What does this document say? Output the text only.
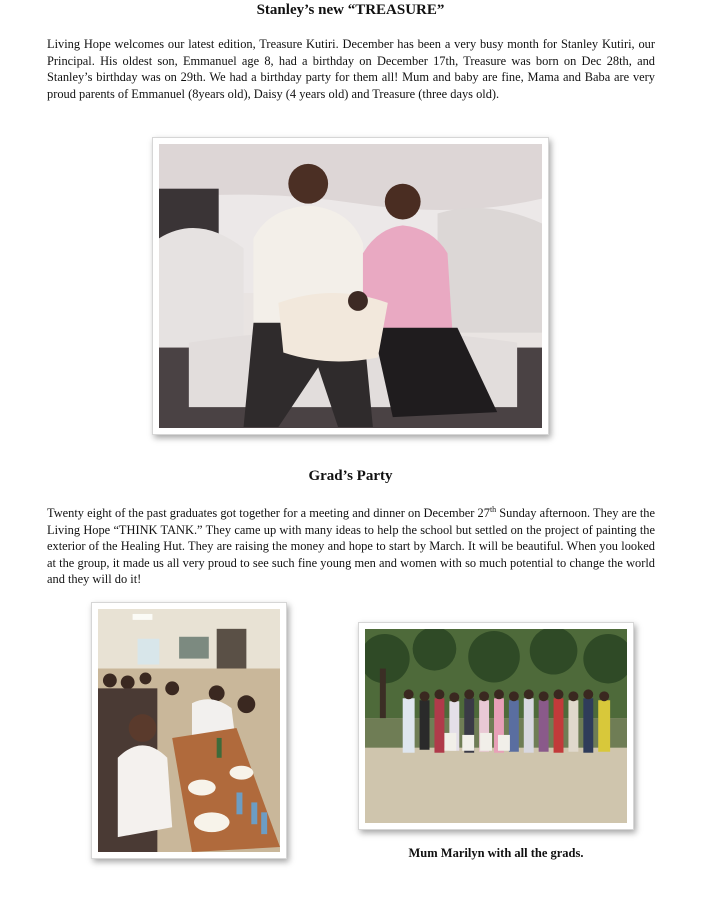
Stanley’s new “TREASURE”

Living Hope welcomes our latest edition, Treasure Kutiri. December has been a very busy month for Stanley Kutiri, our Principal. His oldest son, Emmanuel age 8, had a birthday on December 17th, Treasure was born on Dec 28th, and Stanley’s birthday was on 29th. We had a birthday party for them all! Mum and baby are fine, Mama and Baba are very proud parents of Emmanuel (8years old), Daisy (4 years old) and Treasure (three days old).

Grad’s Party

Twenty eight of the past graduates got together for a meeting and dinner on December 27th Sunday afternoon. They are the Living Hope “THINK TANK.” They came up with many ideas to help the school but settled on the project of painting the exterior of the Healing Hut. They are raising the money and hope to start by March. It will be beautiful. When you looked at the group, it made us all very proud to see such fine young men and women with so much potential to change the world and they will do it!

Mum Marilyn with all the grads.
